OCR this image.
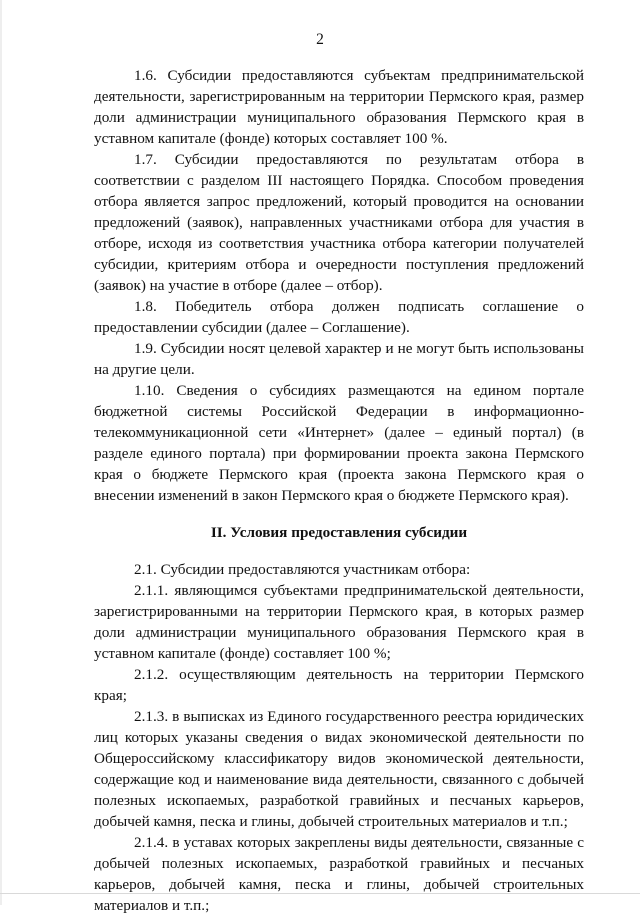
2

1.6. Субсидии предоставляются субъектам предпринимательской деятельности, зарегистрированным на территории Пермского края, размер доли администрации муниципального образования Пермского края в уставном капитале (фонде) которых составляет 100 %.

1.7. Субсидии предоставляются по результатам отбора в соответствии с разделом III настоящего Порядка. Способом проведения отбора является запрос предложений, который проводится на основании предложений (заявок), направленных участниками отбора для участия в отборе, исходя из соответствия участника отбора категории получателей субсидии, критериям отбора и очередности поступления предложений (заявок) на участие в отборе (далее – отбор).

1.8. Победитель отбора должен подписать соглашение о предоставлении субсидии (далее – Соглашение).

1.9. Субсидии носят целевой характер и не могут быть использованы на другие цели.

1.10. Сведения о субсидиях размещаются на едином портале бюджетной системы Российской Федерации в информационно-телекоммуникационной сети «Интернет» (далее – единый портал) (в разделе единого портала) при формировании проекта закона Пермского края о бюджете Пермского края (проекта закона Пермского края о внесении изменений в закон Пермского края о бюджете Пермского края).

II. Условия предоставления субсидии

2.1. Субсидии предоставляются участникам отбора:

2.1.1. являющимся субъектами предпринимательской деятельности, зарегистрированными на территории Пермского края, в которых размер доли администрации муниципального образования Пермского края в уставном капитале (фонде) составляет 100 %;

2.1.2. осуществляющим деятельность на территории Пермского края;

2.1.3. в выписках из Единого государственного реестра юридических лиц которых указаны сведения о видах экономической деятельности по Общероссийскому классификатору видов экономической деятельности, содержащие код и наименование вида деятельности, связанного с добычей полезных ископаемых, разработкой гравийных и песчаных карьеров, добычей камня, песка и глины, добычей строительных материалов и т.п.;

2.1.4. в уставах которых закреплены виды деятельности, связанные с добычей полезных ископаемых, разработкой гравийных и песчаных карьеров, добычей камня, песка и глины, добычей строительных материалов и т.п.;
